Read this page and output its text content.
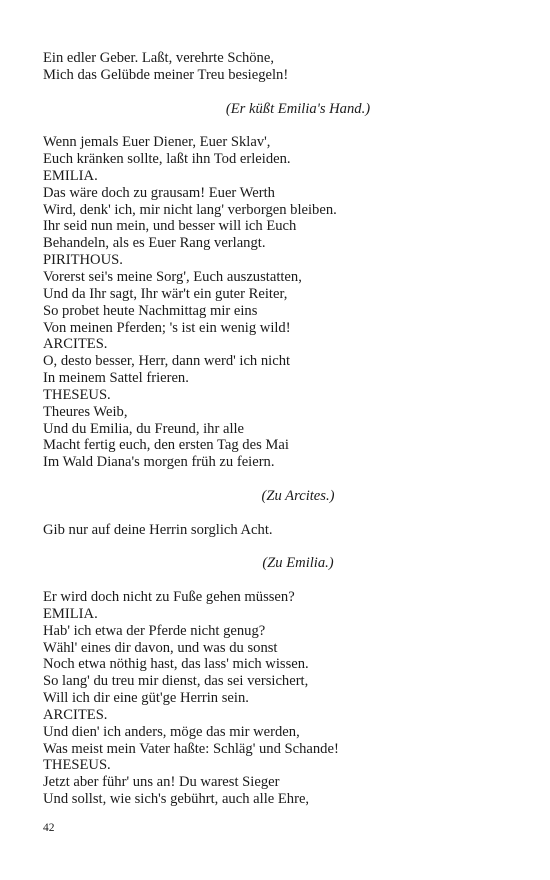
Ein edler Geber. Laßt, verehrte Schöne,
Mich das Gelübde meiner Treu besiegeln!
(Er küßt Emilia's Hand.)
Wenn jemals Euer Diener, Euer Sklav',
Euch kränken sollte, laßt ihn Tod erleiden.
EMILIA.
Das wäre doch zu grausam! Euer Werth
Wird, denk' ich, mir nicht lang' verborgen bleiben.
Ihr seid nun mein, und besser will ich Euch
Behandeln, als es Euer Rang verlangt.
PIRITHOUS.
Vorerst sei's meine Sorg', Euch auszustatten,
Und da Ihr sagt, Ihr wär't ein guter Reiter,
So probet heute Nachmittag mir eins
Von meinen Pferden; 's ist ein wenig wild!
ARCITES.
O, desto besser, Herr, dann werd' ich nicht
In meinem Sattel frieren.
THESEUS.
Theures Weib,
Und du Emilia, du Freund, ihr alle
Macht fertig euch, den ersten Tag des Mai
Im Wald Diana's morgen früh zu feiern.
(Zu Arcites.)
Gib nur auf deine Herrin sorglich Acht.
(Zu Emilia.)
Er wird doch nicht zu Fuße gehen müssen?
EMILIA.
Hab' ich etwa der Pferde nicht genug?
Wähl' eines dir davon, und was du sonst
Noch etwa nöthig hast, das lass' mich wissen.
So lang' du treu mir dienst, das sei versichert,
Will ich dir eine güt'ge Herrin sein.
ARCITES.
Und dien' ich anders, möge das mir werden,
Was meist mein Vater haßte: Schläg' und Schande!
THESEUS.
Jetzt aber führ' uns an! Du warest Sieger
Und sollst, wie sich's gebührt, auch alle Ehre,
42
